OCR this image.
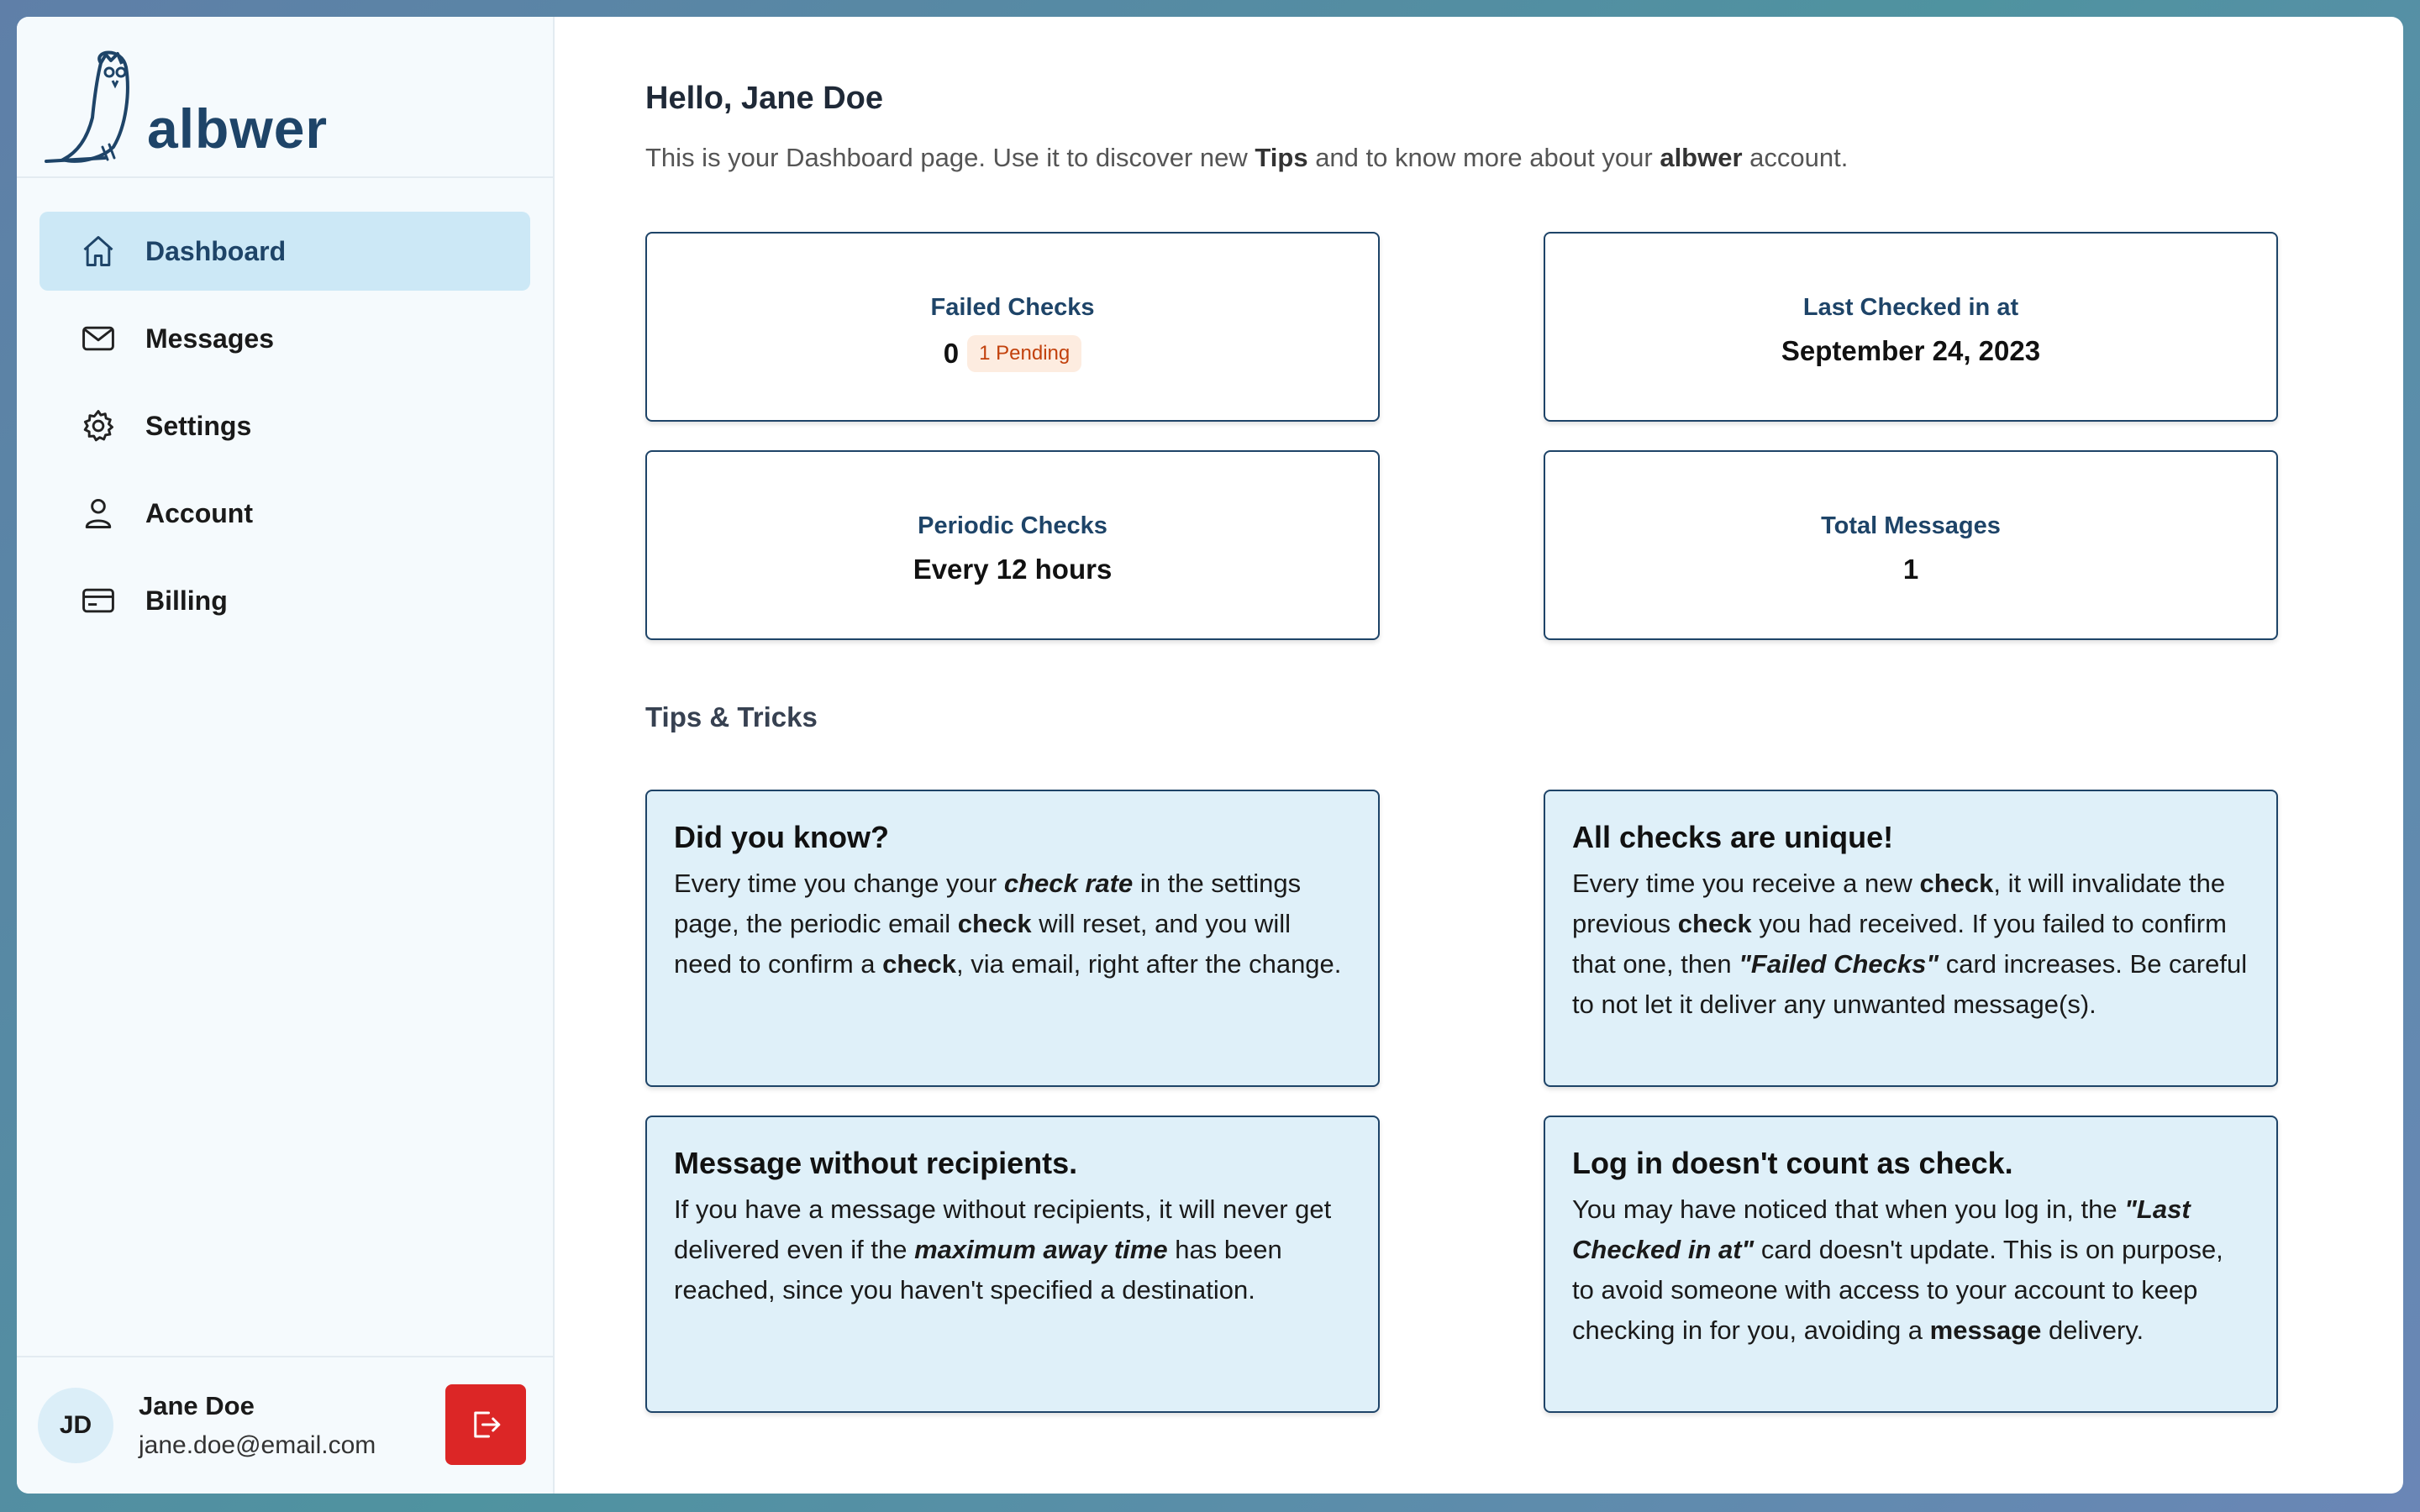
albwer
Dashboard
Messages
Settings
Account
Billing
JD
Jane Doe
jane.doe@email.com
Hello, Jane Doe

This is your Dashboard page. Use it to discover new Tips and to know more about your albwer account.

Failed Checks
0	1 Pending
Last Checked in at
September 24, 2023
Periodic Checks
Every 12 hours
Total Messages
1
Tips & Tricks
Did you know?
Every time you change your check rate in the settings page, the periodic email check will reset, and you will need to confirm a check, via email, right after the change.
All checks are unique!
Every time you receive a new check, it will invalidate the previous check you had received. If you failed to confirm that one, then "Failed Checks" card increases. Be careful to not let it deliver any unwanted message(s).
Message without recipients.
If you have a message without recipients, it will never get delivered even if the maximum away time has been reached, since you haven't specified a destination.
Log in doesn't count as check.
You may have noticed that when you log in, the "Last Checked in at" card doesn't update. This is on purpose, to avoid someone with access to your account to keep checking in for you, avoiding a message delivery.
